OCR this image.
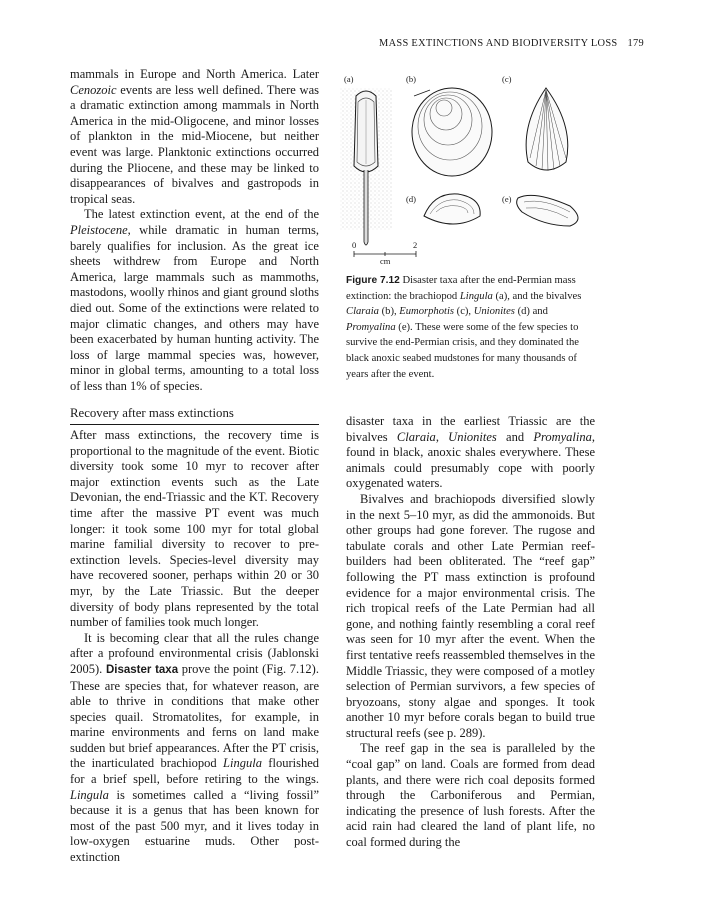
MASS EXTINCTIONS AND BIODIVERSITY LOSS 179

mammals in Europe and North America. Later Cenozoic events are less well defined. There was a dramatic extinction among mammals in North America in the mid-Oligocene, and minor losses of plankton in the mid-Miocene, but neither event was large. Planktonic extinctions occurred during the Pliocene, and these may be linked to disappearances of bivalves and gastropods in tropical seas.

The latest extinction event, at the end of the Pleistocene, while dramatic in human terms, barely qualifies for inclusion. As the great ice sheets withdrew from Europe and North America, large mammals such as mammoths, mastodons, woolly rhinos and giant ground sloths died out. Some of the extinctions were related to major climatic changes, and others may have been exacerbated by human hunting activity. The loss of large mammal species was, however, minor in global terms, amounting to a total loss of less than 1% of species.

Recovery after mass extinctions

After mass extinctions, the recovery time is proportional to the magnitude of the event. Biotic diversity took some 10 myr to recover after major extinction events such as the Late Devonian, the end-Triassic and the KT. Recovery time after the massive PT event was much longer: it took some 100 myr for total global marine familial diversity to recover to pre-extinction levels. Species-level diversity may have recovered sooner, perhaps within 20 or 30 myr, by the Late Triassic. But the deeper diversity of body plans represented by the total number of families took much longer.

It is becoming clear that all the rules change after a profound environmental crisis (Jablonski 2005). Disaster taxa prove the point (Fig. 7.12). These are species that, for whatever reason, are able to thrive in conditions that make other species quail. Stromatolites, for example, in marine environments and ferns on land make sudden but brief appearances. After the PT crisis, the inarticulated brachiopod Lingula flourished for a brief spell, before retiring to the wings. Lingula is sometimes called a “living fossil” because it is a genus that has been known for most of the past 500 myr, and it lives today in low-oxygen estuarine muds. Other post-extinction

(a)	(b)	(c)
(d)	(e)
0	2
cm
Figure 7.12 Disaster taxa after the end-Permian mass extinction: the brachiopod Lingula (a), and the bivalves Claraia (b), Eumorphotis (c), Unionites (d) and Promyalina (e). These were some of the few species to survive the end-Permian crisis, and they dominated the black anoxic seabed mudstones for many thousands of years after the event.

disaster taxa in the earliest Triassic are the bivalves Claraia, Unionites and Promyalina, found in black, anoxic shales everywhere. These animals could presumably cope with poorly oxygenated waters.

Bivalves and brachiopods diversified slowly in the next 5–10 myr, as did the ammonoids. But other groups had gone forever. The rugose and tabulate corals and other Late Permian reef-builders had been obliterated. The “reef gap” following the PT mass extinction is profound evidence for a major environmental crisis. The rich tropical reefs of the Late Permian had all gone, and nothing faintly resembling a coral reef was seen for 10 myr after the event. When the first tentative reefs reassembled themselves in the Middle Triassic, they were composed of a motley selection of Permian survivors, a few species of bryozoans, stony algae and sponges. It took another 10 myr before corals began to build true structural reefs (see p. 289).

The reef gap in the sea is paralleled by the “coal gap” on land. Coals are formed from dead plants, and there were rich coal deposits formed through the Carboniferous and Permian, indicating the presence of lush forests. After the acid rain had cleared the land of plant life, no coal formed during the
